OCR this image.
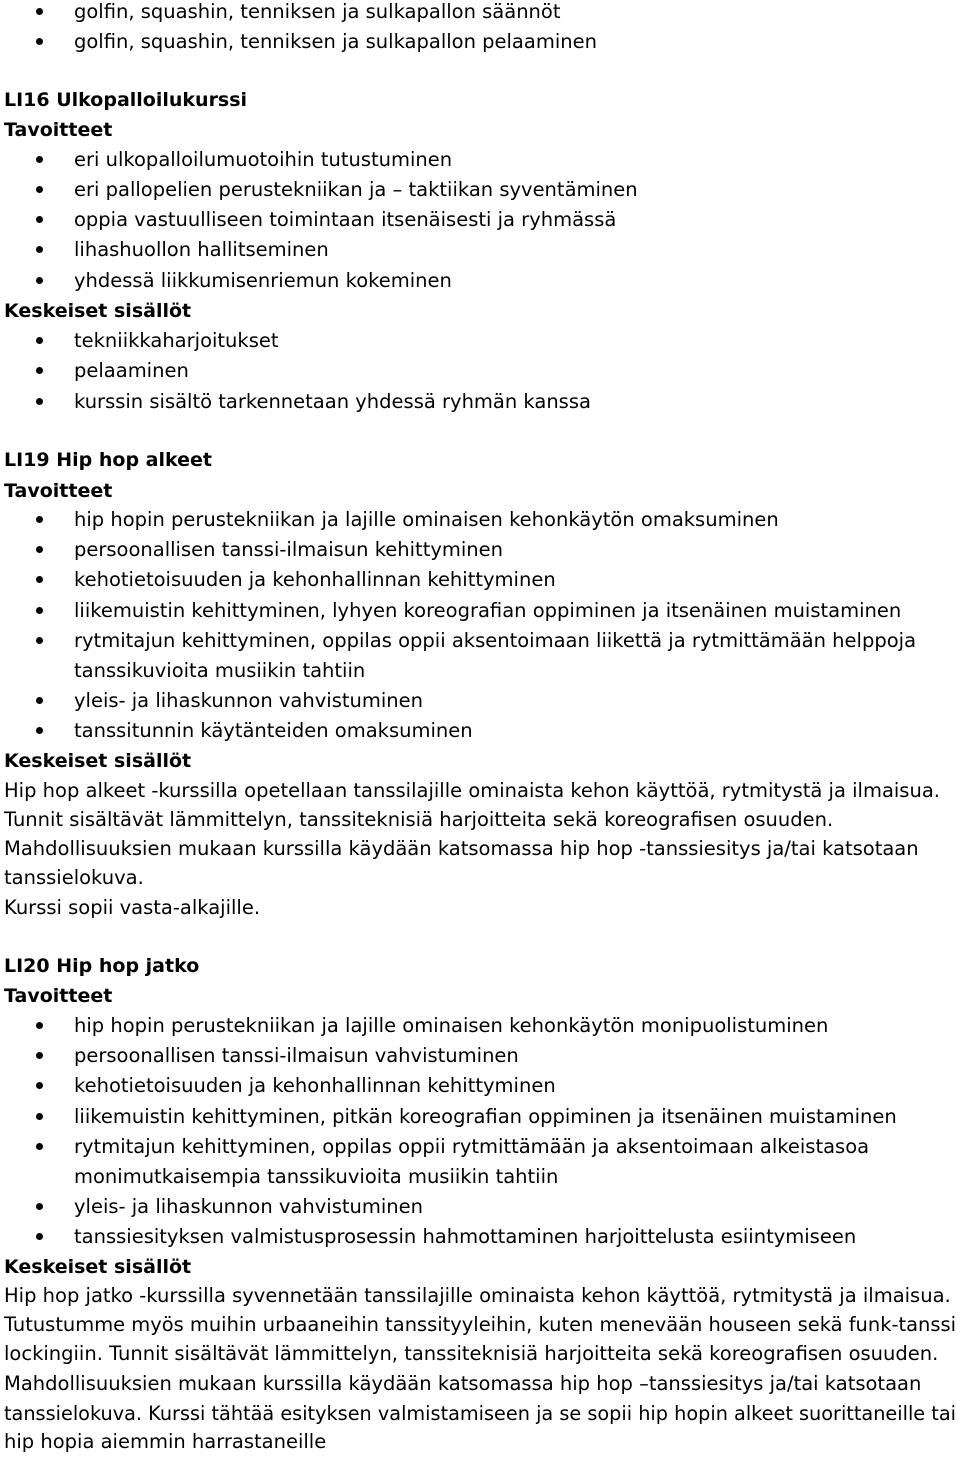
golfin, squashin, tenniksen ja sulkapallon säännöt
golfin, squashin, tenniksen ja sulkapallon pelaaminen
LI16 Ulkopalloilukurssi
Tavoitteet
eri ulkopalloilumuotoihin tutustuminen
eri pallopelien perustekniikan ja – taktiikan syventäminen
oppia vastuulliseen toimintaan itsenäisesti ja ryhmässä
lihashuollon hallitseminen
yhdessä liikkumisenriemun kokeminen
Keskeiset sisällöt
tekniikkaharjoitukset
pelaaminen
kurssin sisältö tarkennetaan yhdessä ryhmän kanssa
LI19 Hip hop alkeet
Tavoitteet
hip hopin perustekniikan ja lajille ominaisen kehonkäytön omaksuminen
persoonallisen tanssi-ilmaisun kehittyminen
kehotietoisuuden ja kehonhallinnan kehittyminen
liikemuistin kehittyminen, lyhyen koreografian oppiminen ja itsenäinen muistaminen
rytmitajun kehittyminen, oppilas oppii aksentoimaan liikettä ja rytmittämään helppoja
tanssikuvioita musiikin tahtiin
yleis- ja lihaskunnon vahvistuminen
tanssitunnin käytänteiden omaksuminen
Keskeiset sisällöt
Hip hop alkeet -kurssilla opetellaan tanssilajille ominaista kehon käyttöä, rytmitystä ja ilmaisua.
Tunnit sisältävät lämmittelyn, tanssiteknisiä harjoitteita sekä koreografisen osuuden.
Mahdollisuuksien mukaan kurssilla käydään katsomassa hip hop -tanssiesitys ja/tai katsotaan
tanssielokuva.
Kurssi sopii vasta-alkajille.
LI20 Hip hop jatko
Tavoitteet
hip hopin perustekniikan ja lajille ominaisen kehonkäytön monipuolistuminen
persoonallisen tanssi-ilmaisun vahvistuminen
kehotietoisuuden ja kehonhallinnan kehittyminen
liikemuistin kehittyminen, pitkän koreografian oppiminen ja itsenäinen muistaminen
rytmitajun kehittyminen, oppilas oppii rytmittämään ja aksentoimaan alkeistasoa
monimutkaisempia tanssikuvioita musiikin tahtiin
yleis- ja lihaskunnon vahvistuminen
tanssiesityksen valmistusprosessin hahmottaminen harjoittelusta esiintymiseen
Keskeiset sisällöt
Hip hop jatko -kurssilla syvennetään tanssilajille ominaista kehon käyttöä, rytmitystä ja ilmaisua.
Tutustumme myös muihin urbaaneihin tanssityyleihin, kuten menevään houseen sekä funk-tanssi
lockingiin. Tunnit sisältävät lämmittelyn, tanssiteknisiä harjoitteita sekä koreografisen osuuden.
Mahdollisuuksien mukaan kurssilla käydään katsomassa hip hop –tanssiesitys ja/tai katsotaan
tanssielokuva. Kurssi tähtää esityksen valmistamiseen ja se sopii hip hopin alkeet suorittaneille tai
hip hopia aiemmin harrastaneille
